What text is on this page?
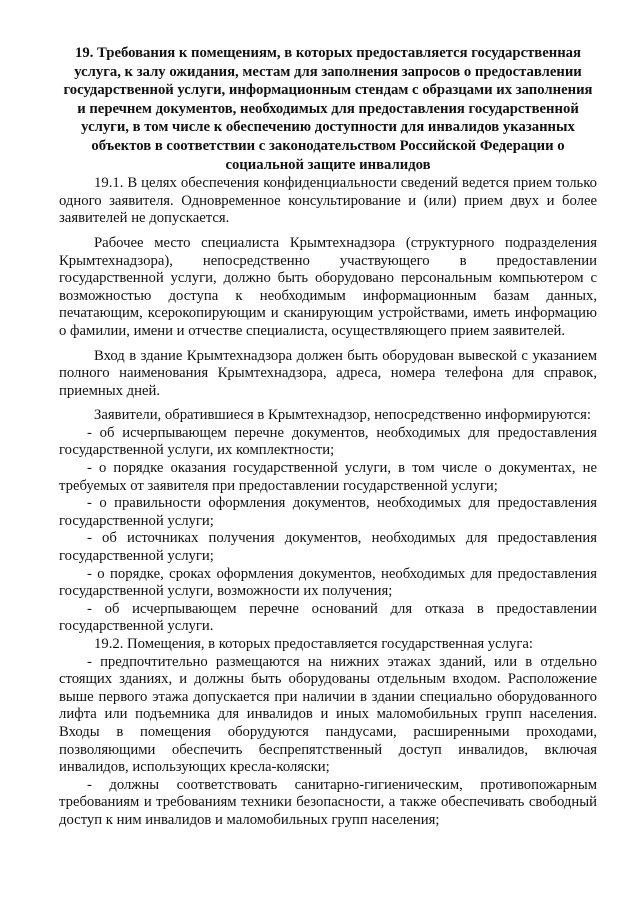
19. Требования к помещениям, в которых предоставляется государственная услуга, к залу ожидания, местам для заполнения запросов о предоставлении государственной услуги, информационным стендам с образцами их заполнения и перечнем документов, необходимых для предоставления государственной услуги, в том числе к обеспечению доступности для инвалидов указанных объектов в соответствии с законодательством Российской Федерации о социальной защите инвалидов

19.1. В целях обеспечения конфиденциальности сведений ведется прием только одного заявителя. Одновременное консультирование и (или) прием двух и более заявителей не допускается.

Рабочее место специалиста Крымтехнадзора (структурного подразделения Крымтехнадзора), непосредственно участвующего в предоставлении государственной услуги, должно быть оборудовано персональным компьютером с возможностью доступа к необходимым информационным базам данных, печатающим, ксерокопирующим и сканирующим устройствами, иметь информацию о фамилии, имени и отчестве специалиста, осуществляющего прием заявителей.

Вход в здание Крымтехнадзора должен быть оборудован вывеской с указанием полного наименования Крымтехнадзора, адреса, номера телефона для справок, приемных дней.

Заявители, обратившиеся в Крымтехнадзор, непосредственно информируются:

- об исчерпывающем перечне документов, необходимых для предоставления государственной услуги, их комплектности;

- о порядке оказания государственной услуги, в том числе о документах, не требуемых от заявителя при предоставлении государственной услуги;

- о правильности оформления документов, необходимых для предоставления государственной услуги;

- об источниках получения документов, необходимых для предоставления государственной услуги;

- о порядке, сроках оформления документов, необходимых для предоставления государственной услуги, возможности их получения;

- об исчерпывающем перечне оснований для отказа в предоставлении государственной услуги.

19.2. Помещения, в которых предоставляется государственная услуга:

- предпочтительно размещаются на нижних этажах зданий, или в отдельно стоящих зданиях, и должны быть оборудованы отдельным входом. Расположение выше первого этажа допускается при наличии в здании специально оборудованного лифта или подъемника для инвалидов и иных маломобильных групп населения. Входы в помещения оборудуются пандусами, расширенными проходами, позволяющими обеспечить беспрепятственный доступ инвалидов, включая инвалидов, использующих кресла-коляски;

- должны соответствовать санитарно-гигиеническим, противопожарным требованиям и требованиям техники безопасности, а также обеспечивать свободный доступ к ним инвалидов и маломобильных групп населения;
